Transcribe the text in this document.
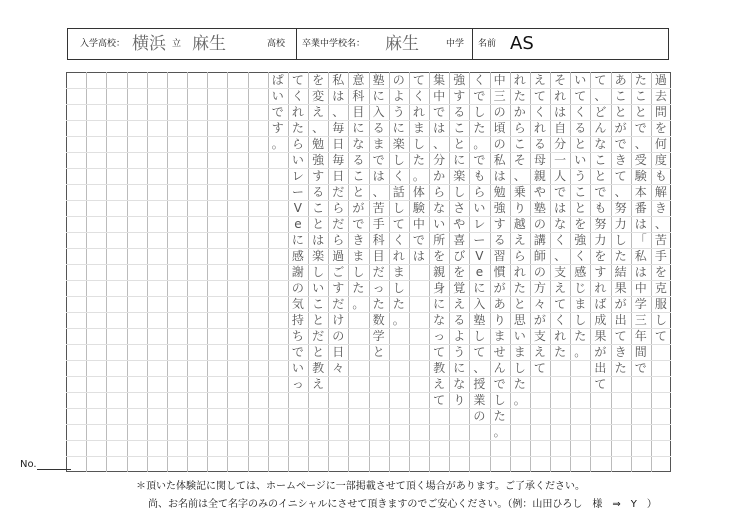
入学高校： 横浜 立 麻生	高校 卒業中学校名： 麻生	中学 名前 AS
過
去
問
を
何
度
も
解
き
、
苦
手
を
克
服
し
て
た
こ
と
で
、
受
験
本
番
は
「
私
は
中
学
三
年
間
で
あ
こ
と
が
で
き
て
、
努
力
し
た
結
果
が
出
て
き
た
て
、
ど
ん
な
こ
と
で
も
努
力
を
す
れ
ば
成
果
が
出
て
い
て
く
る
と
い
う
こ
と
を
強
く
感
じ
ま
し
た
。
そ
れ
は
自
分
一
人
で
は
な
く
、
支
え
て
く
れ
た
え
て
く
れ
る
母
親
や
塾
の
講
師
の
方
々
が
支
え
て
れ
た
か
ら
こ
そ
、
乗
り
越
え
ら
れ
た
と
思
い
ま
し
た
。
中
三
の
頃
の
私
は
勉
強
す
る
習
慣
が
あ
り
ま
せ
ん
で
し
た
。
く
で
し
た
。
で
も
ら
い
レ
ー
V
e
に
入
塾
し
て
、
授
業
の
強
す
る
こ
と
に
楽
し
さ
や
喜
び
を
覚
え
る
よ
う
に
な
り
集
中
で
は
、
分
か
ら
な
い
所
を
親
身
に
な
っ
て
教
え
て
て
く
れ
ま
し
た
。
体
験
中
で
は
の
よ
う
に
楽
し
く
話
し
て
く
れ
ま
し
た
。
塾
に
入
る
ま
で
は
、
苦
手
科
目
だ
っ
た
数
学
と
意
科
目
に
な
る
こ
と
が
で
き
ま
し
た
。
私
は
、
毎
日
毎
日
だ
ら
だ
ら
過
ご
す
だ
け
の
日
々
を
変
え
、
勉
強
す
る
こ
と
は
楽
し
い
こ
と
だ
と
教
え
て
く
れ
た
ら
い
レ
ー
V
e
に
感
謝
の
気
持
ち
で
い
っ
ぱ
い
で
す
。
No.

＊頂いた体験記に関しては、ホームページに一部掲載させて頂く場合があります。ご了承ください。

尚、お名前は全て名字のみのイニシャルにさせて頂きますのでご安心ください。（例：山田ひろし　様　⇒　Y　）
